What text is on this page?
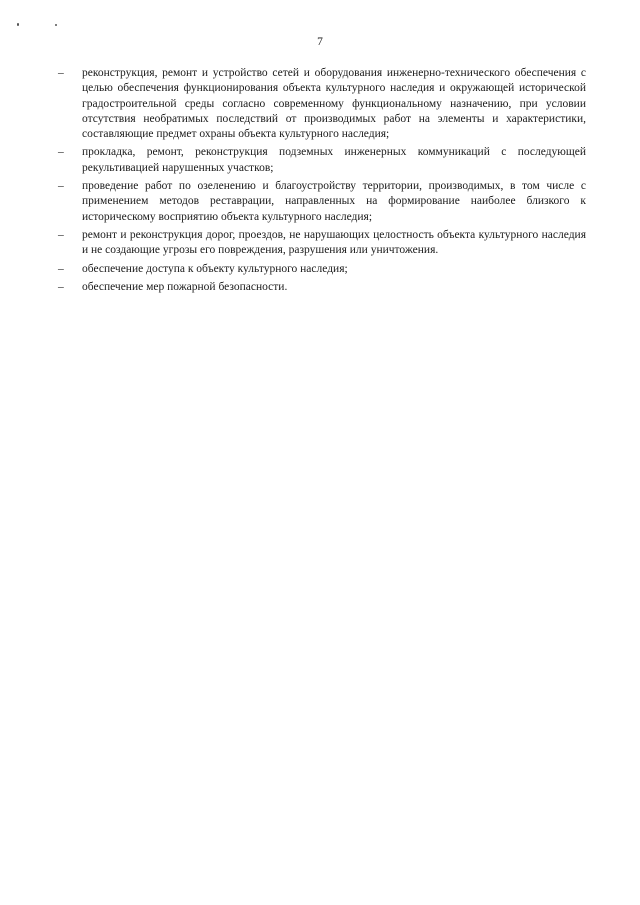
7
– реконструкция, ремонт и устройство сетей и оборудования инженерно-технического обеспечения с целью обеспечения функционирования объекта культурного наследия и окружающей исторической градостроительной среды согласно современному функциональному назначению, при условии отсутствия необратимых последствий от производимых работ на элементы и характеристики, составляющие предмет охраны объекта культурного наследия;
– прокладка, ремонт, реконструкция подземных инженерных коммуникаций с последующей рекультивацией нарушенных участков;
– проведение работ по озеленению и благоустройству территории, производимых, в том числе с применением методов реставрации, направленных на формирование наиболее близкого к историческому восприятию объекта культурного наследия;
– ремонт и реконструкция дорог, проездов, не нарушающих целостность объекта культурного наследия и не создающие угрозы его повреждения, разрушения или уничтожения.
– обеспечение доступа к объекту культурного наследия;
– обеспечение мер пожарной безопасности.
